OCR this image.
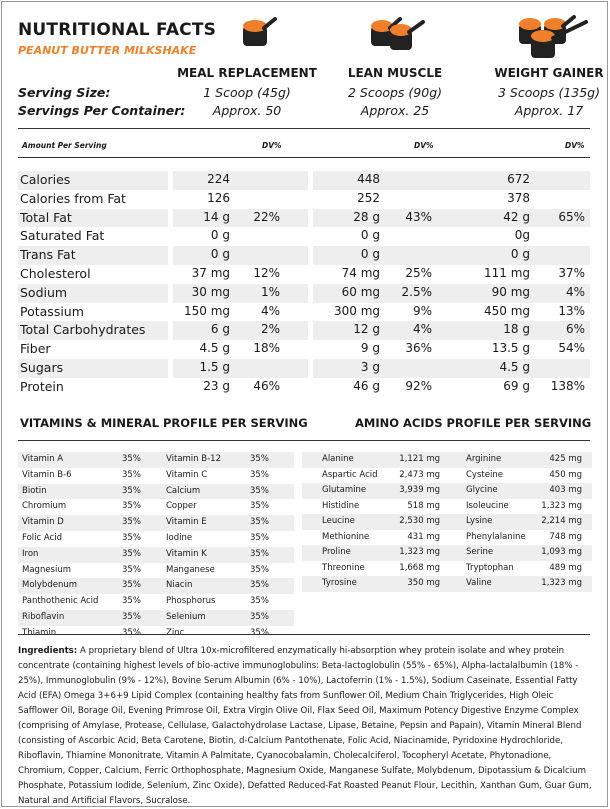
NUTRITIONAL FACTS
PEANUT BUTTER MILKSHAKE
MEAL REPLACEMENT	LEAN MUSCLE	WEIGHT GAINER
Serving Size:
Servings Per Container:
1 Scoop (45g)	2 Scoops (90g)	3 Scoops (135g)
Approx. 50	Approx. 25	Approx. 17
Amount Per Serving	DV%	DV%	DV%
Calories	224	448	672
Calories from Fat	126	252	378
Total Fat	14 g 22%	28 g 43%	42 g 65%
Saturated Fat	0 g	0 g	0g
Trans Fat	0 g	0 g	0 g
Cholesterol	37 mg 12%	74 mg 25%	111 mg 37%
Sodium	30 mg	1%	60 mg 2.5%	90 mg	4%
Potassium	150 mg	4%	300 mg	9%	450 mg 13%
Total Carbohydrates	6 g	2%	12 g	4%	18 g	6%
Fiber	4.5 g 18%	9 g 36%	13.5 g 54%
Sugars	1.5 g	3 g	4.5 g
Protein	23 g 46%	46 g 92%	69 g 138%
VITAMINS & MINERAL PROFILE PER SERVING	AMINO ACIDS PROFILE PER SERVING
Vitamin A	35%	Vitamin B-12	35%
Vitamin B-6	35%	Vitamin C	35%
Biotin	35%	Calcium	35%
Chromium	35%	Copper	35%
Vitamin D	35%	Vitamin E	35%
Folic Acid	35%	Iodine	35%
Iron	35%	Vitamin K	35%
Magnesium	35%	Manganese	35%
Molybdenum	35%	Niacin	35%
Panthothenic Acid	35%	Phosphorus	35%
Riboflavin	35%	Selenium	35%
Thiamin	35%	Zinc	35%
Alanine	1,121 mg	Arginine	425 mg
Aspartic Acid	2,473 mg	Cysteine	450 mg
Glutamine	3,939 mg	Glycine	403 mg
Histidine	518 mg	Isoleucine	1,323 mg
Leucine	2,530 mg	Lysine	2,214 mg
Methionine	431 mg	Phenylalanine	748 mg
Proline	1,323 mg	Serine	1,093 mg
Threonine	1,668 mg	Tryptophan	489 mg
Tyrosine	350 mg	Valine	1,323 mg
Ingredients: A proprietary blend of Ultra 10x-microfiltered enzymatically hi-absorption whey protein isolate and whey protein concentrate (containing highest levels of bio-active immunoglobulins: Beta-lactoglobulin (55% - 65%), Alpha-lactalalbumin (18% - 25%), Immunoglobulin (9% - 12%), Bovine Serum Albumin (6% - 10%), Lactoferrin (1% - 1.5%), Sodium Caseinate, Essential Fatty Acid (EFA) Omega 3+6+9 Lipid Complex (containing healthy fats from Sunflower Oil, Medium Chain Triglycerides, High Oleic Safflower Oil, Borage Oil, Evening Primrose Oil, Extra Virgin Olive Oil, Flax Seed Oil, Maximum Potency Digestive Enzyme Complex (comprising of Amylase, Protease, Cellulase, Galactohydrolase Lactase, Lipase, Betaine, Pepsin and Papain), Vitamin Mineral Blend (consisting of Ascorbic Acid, Beta Carotene, Biotin, d-Calcium Pantothenate, Folic Acid, Niacinamide, Pyridoxine Hydrochloride, Riboflavin, Thiamine Mononitrate, Vitamin A Palmitate, Cyanocobalamin, Cholecalciferol, Tocopheryl Acetate, Phytonadione, Chromium, Copper, Calcium, Ferric Orthophosphate, Magnesium Oxide, Manganese Sulfate, Molybdenum, Dipotassium & Dicalcium Phosphate, Potassium Iodide, Selenium, Zinc Oxide), Defatted Reduced-Fat Roasted Peanut Flour, Lecithin, Xanthan Gum, Guar Gum, Natural and Artificial Flavors, Sucralose.
